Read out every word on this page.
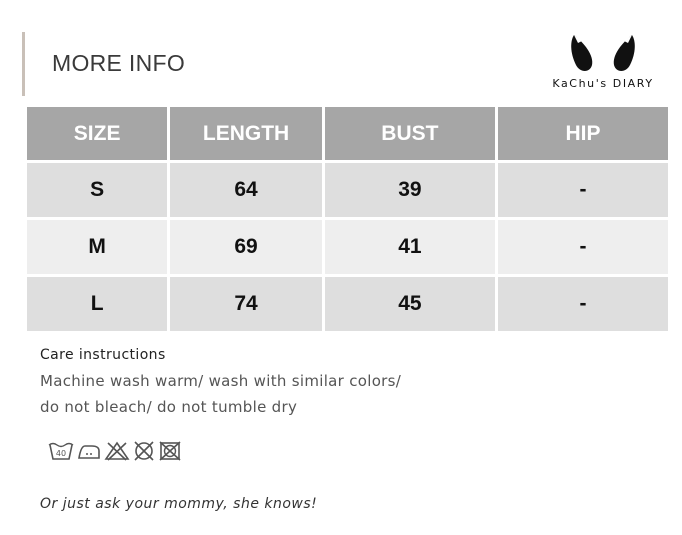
MORE INFO
KaChu's DIARY
SIZE	LENGTH	BUST	HIP
S	64	39	-
M	69	41	-
L	74	45	-
Care instructions
Machine wash warm/ wash with similar colors/
do not bleach/ do not tumble dry
40
Or just ask your mommy, she knows!
